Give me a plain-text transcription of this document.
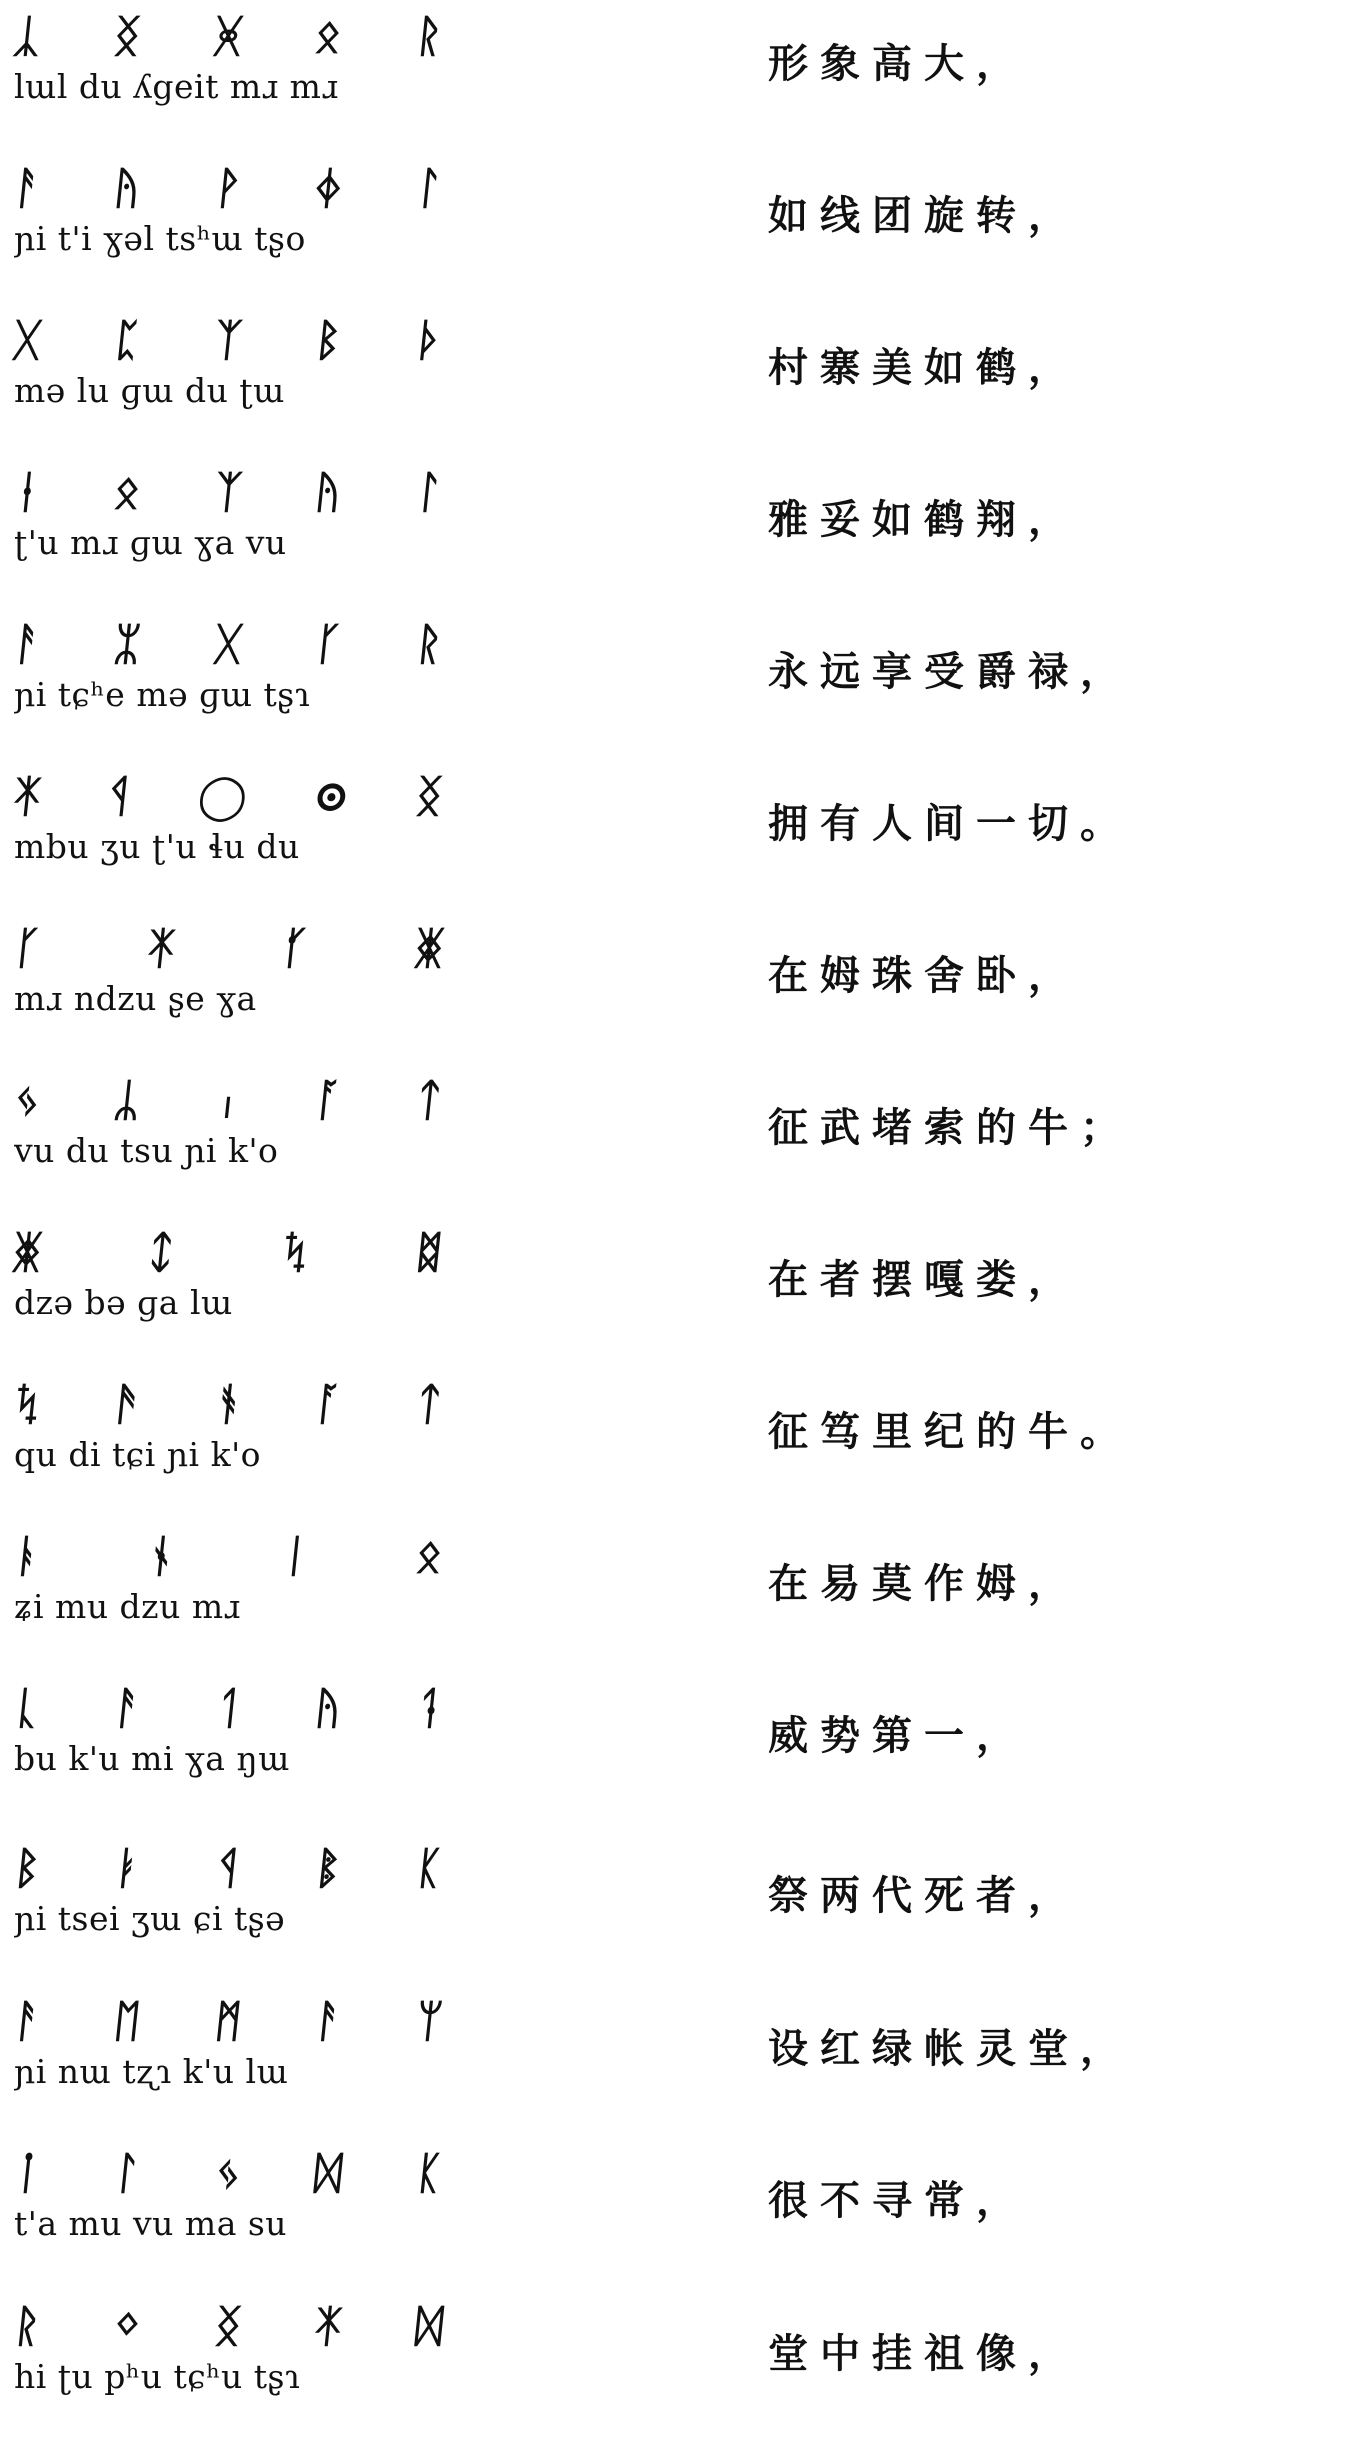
ᛣ ᛝ ᚸ ᛟ ᚱ
lɯl du ʎgeit mɹ mɹ	形象高大，
ᚨ ᚤ ᚹ ᛄ ᛚ
ɲi t'i ɣəl tsʰɯ tʂo	如线团旋转，
ᚷ ᛈ ᛉ ᛒ ᚦ
mə lu ɡɯ du ʈɯ	村寨美如鹤，
ᛂ ᛟ ᛉ ᚤ ᛚ
ʈ'u mɹ ɡɯ ɣa vu	雅妥如鹤翔，
ᚨ ᛯ ᚷ ᚴ ᚱ
ɲi tɕʰe mə ɡɯ tʂɿ	永远享受爵禄，
ᛡ ᛩ ◯ ⊙ ᛝ
mbu ʒu ʈ'u ɬu du	拥有人间一切。
ᚴ ᛡ ᚶ ᛤ
mɹ ndzu ʂe ɣa	在姆珠舍卧，
ᛃ ᛦ ᛧ ᚪ ᛏ
vu du tsu ɲi k'o	征武堵索的牛；
ᛤ ᛨ ᛪ ᛥ
dzə bə ɡa lɯ	在者摆嘎娄，
ᛪ ᚫ ᚬ ᚪ ᛏ
qu di tɕi ɲi k'o	征笃里纪的牛。
ᚭ ᛀ ᛁ ᛟ
ʑi mu dzu mɹ	在易莫作姆，
ᚳ ᚨ ᛐ ᚤ ᛑ
bu k'u mi ɣa ŋɯ	威势第一，
ᛒ ᛓ ᛩ ᛔ ᛕ
ɲi tsei ʒɯ ɕi tʂə	祭两代死者，
ᚨ ᛖ ᛗ ᚨ ᛘ
ɲi nɯ tʐɿ k'u lɯ	设红绿帐灵堂，
ᛙ ᛚ ᛃ ᛞ ᛕ
t'a mu vu ma su	很不寻常，
ᚱ ᛜ ᛝ ᛡ ᛞ
hi ʈu pʰu tɕʰu tʂɿ	堂中挂祖像，
